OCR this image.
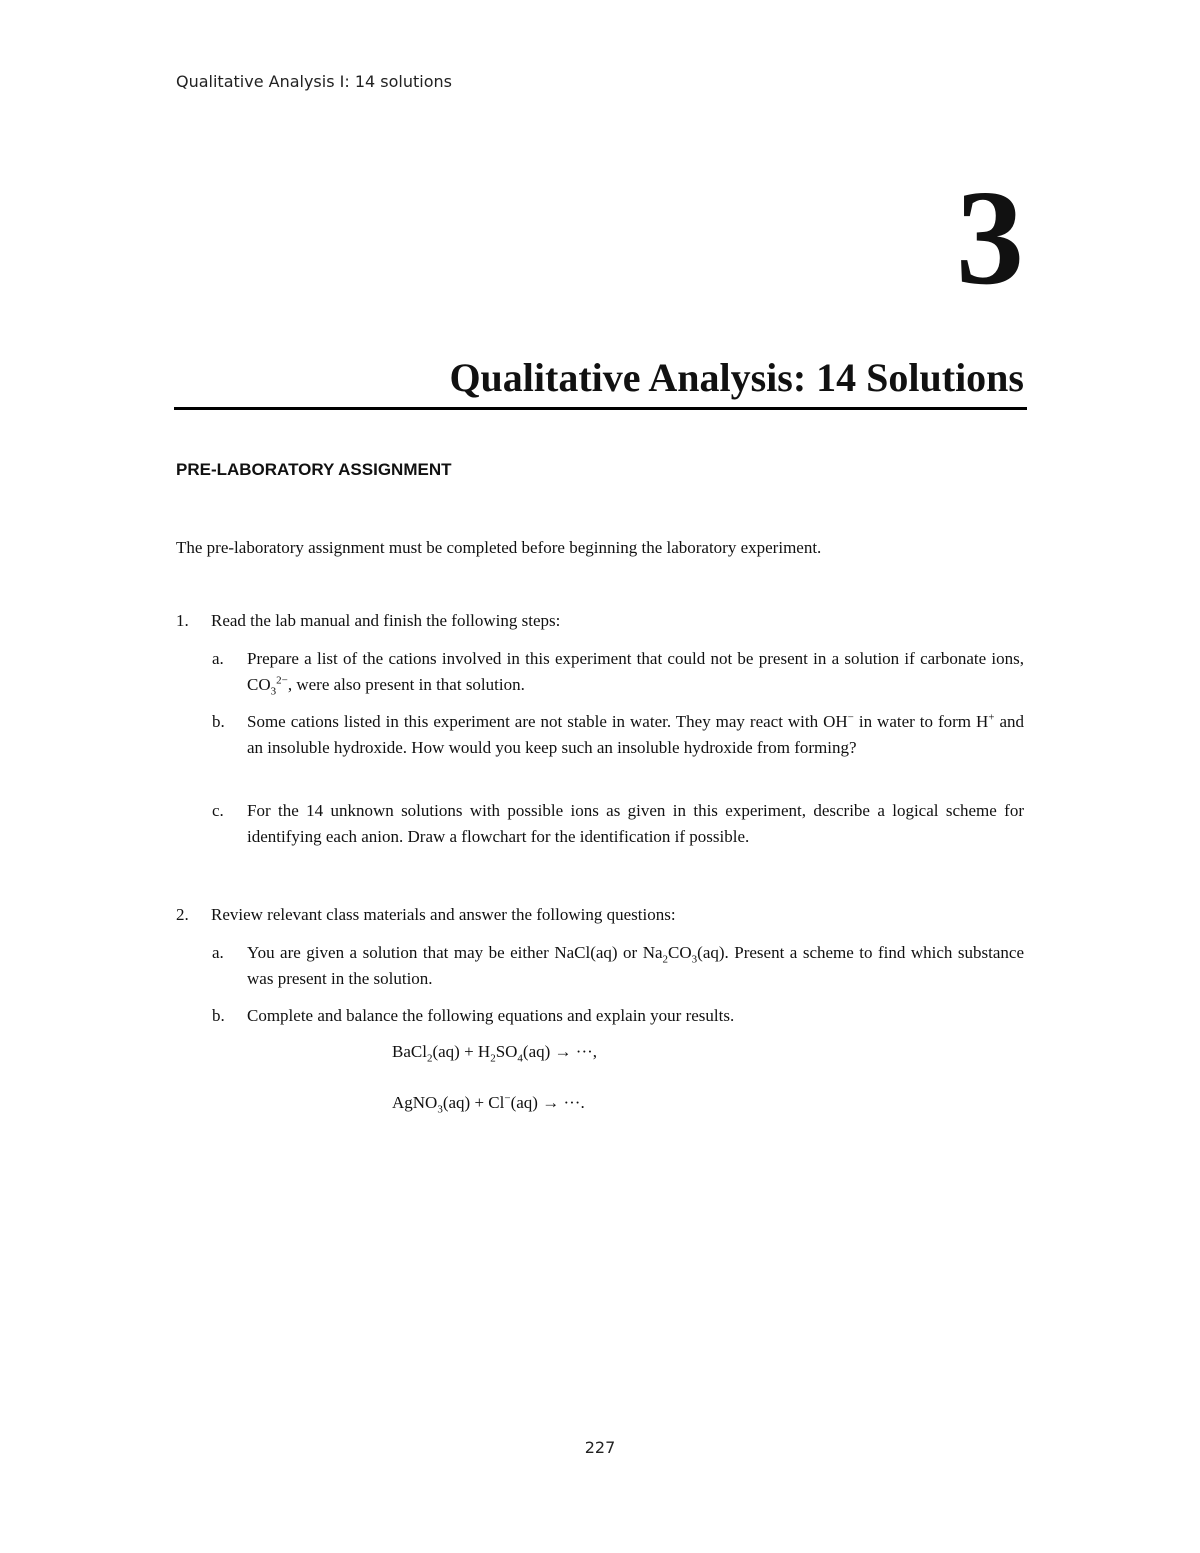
Qualitative Analysis I: 14 solutions
3
Qualitative Analysis: 14 Solutions
PRE-LABORATORY ASSIGNMENT
The pre-laboratory assignment must be completed before beginning the laboratory experiment.
1. Read the lab manual and finish the following steps:
a. Prepare a list of the cations involved in this experiment that could not be present in a solution if carbonate ions, $CO_3^{2-}$, were also present in that solution.
b. Some cations listed in this experiment are not stable in water. They may react with OH− in water to form H+ and an insoluble hydroxide. How would you keep such an insoluble hydroxide from forming?
c. For the 14 unknown solutions with possible ions as given in this experiment, describe a logical scheme for identifying each anion. Draw a flowchart for the identification if possible.
2. Review relevant class materials and answer the following questions:
a. You are given a solution that may be either NaCl(aq) or $Na_2CO_3(aq)$. Present a scheme to find which substance was present in the solution.
b. Complete and balance the following equations and explain your results.
BaCl$_2$(aq) + $H_2SO_4(aq)$ → ···,
AgNO$_3$(aq) + Cl−(aq) → ···.
227
